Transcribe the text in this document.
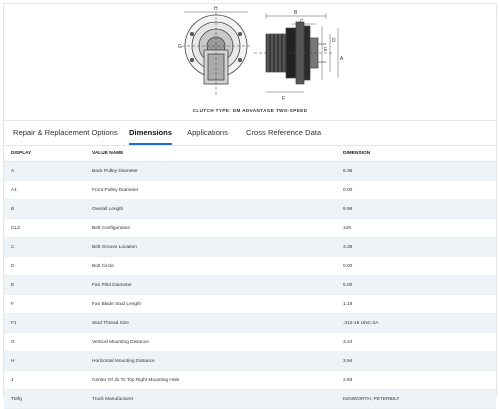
B
C
E
D
A
F
G
H
CLUTCH TYPE: DM ADVANTAGE TWO-SPEED
Repair & Replacement Options Dimensions Applications Cross Reference Data
DISPLAY	VALUE NAME	DIMENSION
A	Back Pulley Diameter	6.36
A1	Front Pulley Diameter	0.00
B	Overall Length	9.96
CL3	Belt Configuration	12K
C	Belt Groove Location	3.39
D	Bolt Circle	0.00
E	Fan Pilot Diameter	5.00
F	Fan Blade Stud Length	1.18
F1	Stud Thread Size	.312-18 UNC-2A
G	Vertical Mounting Distance	3.44
H	Horizontal Mounting Distance	3.94
J	Center Of Jb To Top Right Mounting Hole	2.83
TMfg	Truck Manufacturer	KENWORTH, PETERBILT
